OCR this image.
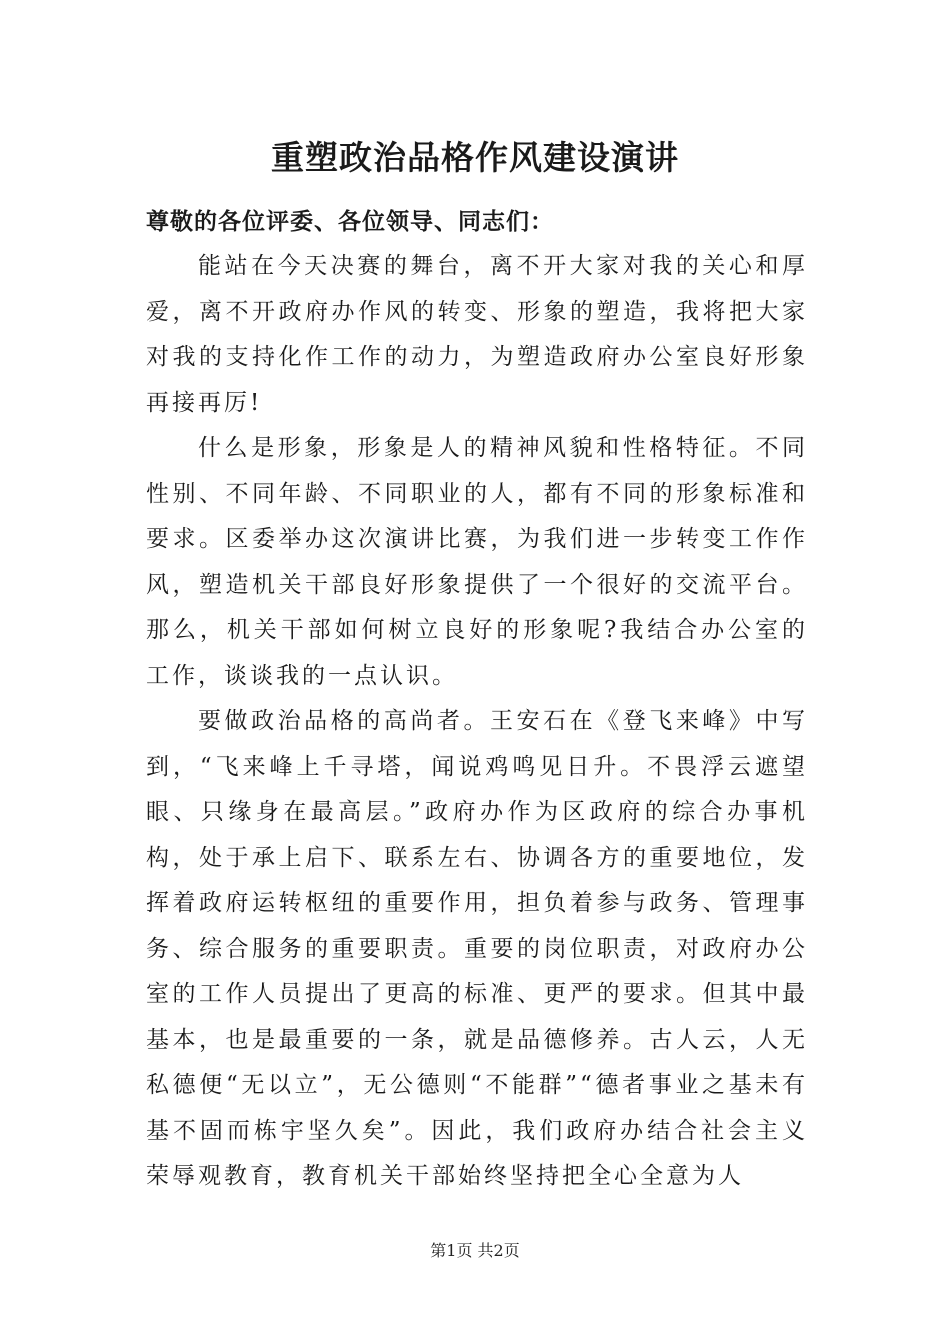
重塑政治品格作风建设演讲

尊敬的各位评委、各位领导、同志们：

能站在今天决赛的舞台，离不开大家对我的关心和厚爱，离不开政府办作风的转变、形象的塑造，我将把大家对我的支持化作工作的动力，为塑造政府办公室良好形象再接再厉!

什么是形象，形象是人的精神风貌和性格特征。不同性别、不同年龄、不同职业的人，都有不同的形象标准和要求。区委举办这次演讲比赛，为我们进一步转变工作作风，塑造机关干部良好形象提供了一个很好的交流平台。那么，机关干部如何树立良好的形象呢?我结合办公室的工作，谈谈我的一点认识。

要做政治品格的高尚者。王安石在《登飞来峰》中写到，“飞来峰上千寻塔，闻说鸡鸣见日升。不畏浮云遮望眼、只缘身在最高层。”政府办作为区政府的综合办事机构，处于承上启下、联系左右、协调各方的重要地位，发挥着政府运转枢纽的重要作用，担负着参与政务、管理事务、综合服务的重要职责。重要的岗位职责，对政府办公室的工作人员提出了更高的标准、更严的要求。但其中最基本，也是最重要的一条，就是品德修养。古人云，人无私德便“无以立”，无公德则“不能群”“德者事业之基未有基不固而栋宇坚久矣”。因此，我们政府办结合社会主义荣辱观教育，教育机关干部始终坚持把全心全意为人

第1页 共2页
